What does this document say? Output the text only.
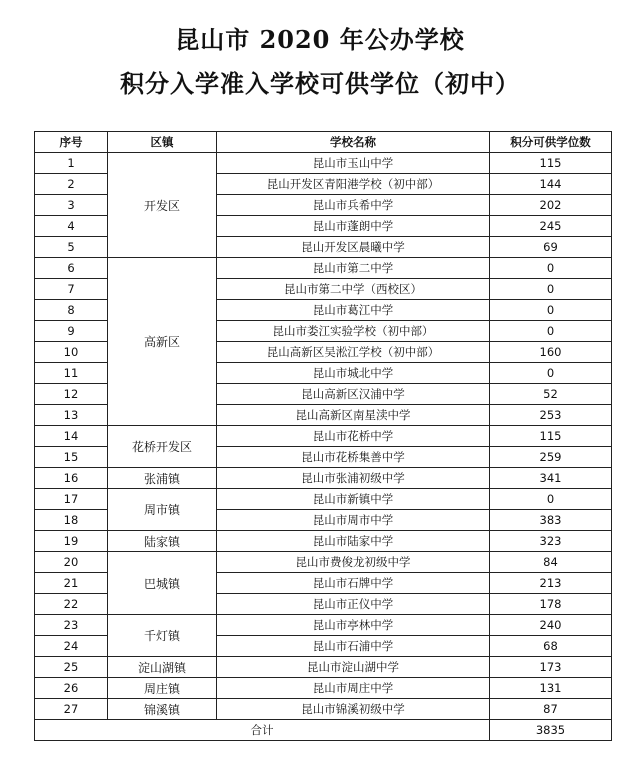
昆山市 2020 年公办学校
积分入学准入学校可供学位（初中）
序号	区镇	学校名称	积分可供学位数
1	开发区	昆山市玉山中学	115
2		昆山开发区青阳港学校（初中部）	144
3		昆山市兵希中学	202
4		昆山市蓬朗中学	245
5		昆山开发区晨曦中学	69
6	高新区	昆山市第二中学	0
7		昆山市第二中学（西校区）	0
8		昆山市葛江中学	0
9		昆山市娄江实验学校（初中部）	0
10		昆山高新区吴淞江学校（初中部）	160
11		昆山市城北中学	0
12		昆山高新区汉浦中学	52
13		昆山高新区南星渎中学	253
14	花桥开发区	昆山市花桥中学	115
15		昆山市花桥集善中学	259
16	张浦镇	昆山市张浦初级中学	341
17	周市镇	昆山市新镇中学	0
18		昆山市周市中学	383
19	陆家镇	昆山市陆家中学	323
20	巴城镇	昆山市费俊龙初级中学	84
21		昆山市石牌中学	213
22		昆山市正仪中学	178
23	千灯镇	昆山市亭林中学	240
24		昆山市石浦中学	68
25	淀山湖镇	昆山市淀山湖中学	173
26	周庄镇	昆山市周庄中学	131
27	锦溪镇	昆山市锦溪初级中学	87
合计			3835
